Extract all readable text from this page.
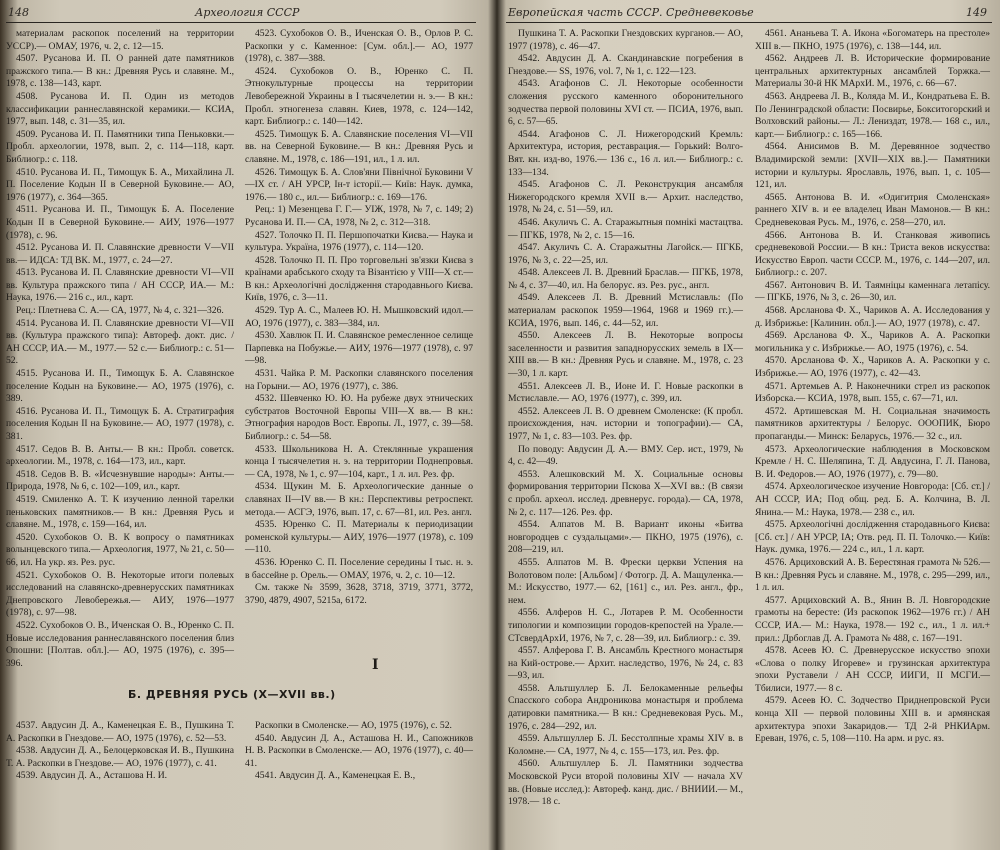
148	Археология СССР

материалам раскопок поселений на территории УССР).— ОМАУ, 1976, ч. 2, с. 12—15.

4507. Русанова И. П. О ранней дате памятников пражского типа.— В кн.: Древняя Русь и славяне. М., 1978, с. 138—143, карт.

4508. Русанова И. П. Один из методов классификации раннеславянской керамики.— КСИА, 1977, вып. 148, с. 31—35, ил.

4509. Русанова И. П. Памятники типа Пеньковки.— Пробл. археологии, 1978, вып. 2, с. 114—118, карт. Библиогр.: с. 118.

4510. Русанова И. П., Тимощук Б. А., Михайлина Л. П. Поселение Кодын II в Северной Буковине.— АО, 1976 (1977), с. 364—365.

4511. Русанова И. П., Тимощук Б. А. Поселение Кодын II в Северной Буковине.— АИУ, 1976—1977 (1978), с. 96.

4512. Русанова И. П. Славянские древности V—VII вв.— ИДСА: ТД ВК. М., 1977, с. 24—27.

4513. Русанова И. П. Славянские древности VI—VII вв. Культура пражского типа / АН СССР, ИА.— М.: Наука, 1976.— 216 с., ил., карт.

Рец.: Плетнева С. А.— СА, 1977, № 4, с. 321—326.

4514. Русанова И. П. Славянские древности VI—VII вв. (Культура пражского типа): Автореф. докт. дис. / АН СССР, ИА.— М., 1977.— 52 с.— Библиогр.: с. 51—52.

4515. Русанова И. П., Тимощук Б. А. Славянское поселение Кодын на Буковине.— АО, 1975 (1976), с. 389.

4516. Русанова И. П., Тимощук Б. А. Стратиграфия поселения Кодын II на Буковине.— АО, 1977 (1978), с. 381.

4517. Седов В. В. Анты.— В кн.: Пробл. советск. археологии. М., 1978, с. 164—173, ил., карт.

4518. Седов В. В. «Исчезнувшие народы»: Анты.— Природа, 1978, № 6, с. 102—109, ил., карт.

4519. Смиленко А. Т. К изучению ленной тарелки пеньковских памятников.— В кн.: Древняя Русь и славяне. М., 1978, с. 159—164, ил.

4520. Сухобоков О. В. К вопросу о памятниках волынцевского типа.— Археология, 1977, № 21, с. 50—66, ил. На укр. яз. Рез. рус.

4521. Сухобоков О. В. Некоторые итоги полевых исследований на славянско-древнерусских памятниках Днепровского Левобережья.— АИУ, 1976—1977 (1978), с. 97—98.

4522. Сухобоков О. В., Иченская О. В., Юренко С. П. Новые исследования раннеславянского поселения близ Опошни: [Полтав. обл.].— АО, 1975 (1976), с. 395—396.

4523. Сухобоков О. В., Иченская О. В., Орлов Р. С. Раскопки у с. Каменное: [Сум. обл.].— АО, 1977 (1978), с. 387—388.

4524. Сухобоков О. В., Юренко С. П. Этнокультурные процессы на территории Левобережной Украины в I тысячелетии н. э.— В кн.: Пробл. этногенеза славян. Киев, 1978, с. 124—142, карт. Библиогр.: с. 140—142.

4525. Тимощук Б. А. Славянские поселения VI—VII вв. на Северной Буковине.— В кн.: Древняя Русь и славяне. М., 1978, с. 186—191, ил., 1 л. ил.

4526. Тимощук Б. А. Слов'яни Пiвнiчної Буковини V—IX ст. / АН УРСР, Iн-т iсторiї.— Київ: Наук. думка, 1976.— 180 с., ил.— Библиогр.: с. 169—176.

Рец.: 1) Мезенцева Г. Г.— УIЖ, 1978, № 7, с. 149; 2) Русанова И. П.— СА, 1978, № 2, с. 312—318.

4527. Толочко П. П. Першопочатки Києва.— Наука и культура. Украïна, 1976 (1977), с. 114—120.

4528. Толочко П. П. Про торговельні зв'язки Києва з країнами арабського сходу та Візантією у VIII—X ст.— В кн.: Археологiчнi дослiдження стародавнього Києва. Київ, 1976, с. 3—11.

4529. Тур А. С., Малеев Ю. Н. Мышковский идол.— АО, 1976 (1977), с. 383—384, ил.

4530. Хавлюк П. И. Славянское ремесленное селище Парпевка на Побужье.— АИУ, 1976—1977 (1978), с. 97—98.

4531. Чайка Р. М. Раскопки славянского поселения на Горыни.— АО, 1976 (1977), с. 386.

4532. Шевченко Ю. Ю. На рубеже двух этнических субстратов Восточной Европы VIII—X вв.— В кн.: Этнография народов Вост. Европы. Л., 1977, с. 39—58. Библиогр.: с. 54—58.

4533. Школьникова Н. А. Стеклянные украшения конца I тысячелетия н. э. на территории Поднепровья.— СА, 1978, № 1, с. 97—104, карт., 1 л. ил. Рез. фр.

4534. Щукин М. Б. Археологические данные о славянах II—IV вв.— В кн.: Перспективы ретроспект. метода.— АСГЭ, 1976, вып. 17, с. 67—81, ил. Рез. англ.

4535. Юренко С. П. Материалы к периодизации роменской культуры.— АИУ, 1976—1977 (1978), с. 109—110.

4536. Юренко С. П. Поселение середины I тыс. н. э. в бассейне р. Орель.— ОМАУ, 1976, ч. 2, с. 10—12.

См. также № 3599, 3628, 3718, 3719, 3771, 3772, 3790, 4879, 4907, 5215а, 6172.

I
Б. ДРЕВНЯЯ РУСЬ (X—XVII вв.)

4537. Авдусин Д. А., Каменецкая Е. В., Пушкина Т. А. Раскопки в Гнездове.— АО, 1975 (1976), с. 52—53.

4538. Авдусин Д. А., Белоцерковская И. В., Пушкина Т. А. Раскопки в Гнездове.— АО, 1976 (1977), с. 41.

4539. Авдусин Д. А., Асташова Н. И.

Раскопки в Смоленске.— АО, 1975 (1976), с. 52.

4540. Авдусин Д. А., Асташова Н. И., Сапожников Н. В. Раскопки в Смоленске.— АО, 1976 (1977), с. 40—41.

4541. Авдусин Д. А., Каменецкая Е. В.,

Европейская часть СССР. Средневековье	149

Пушкина Т. А. Раскопки Гнездовских курганов.— АО, 1977 (1978), с. 46—47.

4542. Авдусин Д. А. Скандинавские погребения в Гнездове.— SS, 1976, vol. 7, № 1, с. 122—123.

4543. Агафонов С. Л. Некоторые особенности сложения русского каменного оборонительного зодчества первой половины XVI ст. — ПСИА, 1976, вып. 6, с. 57—65.

4544. Агафонов С. Л. Нижегородский Кремль: Архитектура, история, реставрация.— Горький: Волго-Вят. кн. изд-во, 1976.— 136 с., 16 л. ил.— Библиогр.: с. 133—134.

4545. Агафонов С. Л. Реконструкция ансамбля Нижегородского кремля XVII в.— Архит. наследство, 1978, № 24, с. 51—59, ил.

4546. Акуличъ С. А. Старажытныя помнiкi мастацтва.— ПГКБ, 1978, № 2, с. 15—16.

4547. Акуличъ С. А. Старажытны Лагойск.— ПГКБ, 1976, № 3, с. 22—25, ил.

4548. Алексеев Л. В. Древний Браслав.— ПГКБ, 1978, № 4, с. 37—40, ил. На белорус. яз. Рез. рус., англ.

4549. Алексеев Л. В. Древний Мстиславль: (По материалам раскопок 1959—1964, 1968 и 1969 гг.).— КСИА, 1976, вып. 146, с. 44—52, ил.

4550. Алексеев Л. В. Некоторые вопросы заселенности и развития западнорусских земель в IX—XIII вв.— В кн.: Древняя Русь и славяне. М., 1978, с. 23—30, 1 л. карт.

4551. Алексеев Л. В., Ионе И. Г. Новые раскопки в Мстиславле.— АО, 1976 (1977), с. 399, ил.

4552. Алексеев Л. В. О древнем Смоленске: (К пробл. происхождения, нач. истории и топографии).— СА, 1977, № 1, с. 83—103. Рез. фр.

По поводу: Авдусин Д. А.— ВМУ. Сер. ист., 1979, № 4, с. 42—49.

4553. Алешковский М. Х. Социальные основы формирования территории Пскова X—XVI вв.: (В связи с пробл. археол. исслед. древнерус. города).— СА, 1978, № 2, с. 117—126. Рез. фр.

4554. Алпатов М. В. Вариант иконы «Битва новгородцев с суздальцами».— ПКНО, 1975 (1976), с. 208—219, ил.

4555. Алпатов М. В. Фрески церкви Успения на Волотовом поле: [Альбом] / Фотогр. Д. А. Мащуленка.— М.: Искусство, 1977.— 62, [161] с., ил. Рез. англ., фр., нем.

4556. Алферов Н. С., Лотарев Р. М. Особенности типологии и композиции городов-крепостей на Урале.— СТсвердАрхИ, 1976, № 7, с. 28—39, ил. Библиогр.: с. 39.

4557. Алферова Г. В. Ансамбль Крестного монастыря на Кий-острове.— Архит. наследство, 1976, № 24, с. 83—93, ил.

4558. Альтшуллер Б. Л. Белокаменные рельефы Спасского собора Андроникова монастыря и проблема датировки памятника.— В кн.: Средневековая Русь. М., 1976, с. 284—292, ил.

4559. Альтшуллер Б. Л. Бесстолпные храмы XIV в. в Коломне.— СА, 1977, № 4, с. 155—173, ил. Рез. фр.

4560. Альтшуллер Б. Л. Памятники зодчества Московской Руси второй половины XIV — начала XV вв. (Новые исслед.): Автореф. канд. дис. / ВНИИИ.— М., 1978.— 18 с.

4561. Ананьева Т. А. Икона «Богоматерь на престоле» XIII в.— ПКНО, 1975 (1976), с. 138—144, ил.

4562. Андреев Л. В. Исторические формирование центральных архитектурных ансамблей Торжка.— Материалы 30-й НК МАрхИ. М., 1976, с. 66—67.

4563. Андреева Л. В., Коляда М. И., Кондратьева Е. В. По Ленинградской области: Посвирье, Бокситогорский и Волховский районы.— Л.: Лениздат, 1978.— 168 с., ил., карт.— Библиогр.: с. 165—166.

4564. Анисимов В. М. Деревянное зодчество Владимирской земли: [XVII—XIX вв.].— Памятники истории и культуры. Ярославль, 1976, вып. 1, с. 105—121, ил.

4565. Антонова В. И. «Одигитрия Смоленская» раннего XIV в. и ее владелец Иван Мамонов.— В кн.: Средневековая Русь. М., 1976, с. 258—270, ил.

4566. Антонова В. И. Станковая живопись средневековой России.— В кн.: Триста веков искусства: Искусство Европ. части СССР. М., 1976, с. 144—207, ил. Библиогр.: с. 207.

4567. Антонович В. И. Таямнiцы каменнага летапiсу.— ПГКБ, 1976, № 3, с. 26—30, ил.

4568. Арсланова Ф. Х., Чариков А. А. Исследования у д. Избрижье: [Калинин. обл.].— АО, 1977 (1978), с. 47.

4569. Арсланова Ф. Х., Чариков А. А. Раскопки могильника у с. Избрижье.— АО, 1975 (1976), с. 54.

4570. Арсланова Ф. Х., Чариков А. А. Раскопки у с. Избрижье.— АО, 1976 (1977), с. 42—43.

4571. Артемьев А. Р. Наконечники стрел из раскопок Изборска.— КСИА, 1978, вып. 155, с. 67—71, ил.

4572. Артишевская М. Н. Социальная значимость памятников архитектуры / Белорус. ОООПИК, Бюро пропаганды.— Минск: Беларусь, 1976.— 32 с., ил.

4573. Археологические наблюдения в Московском Кремле / Н. С. Шеляпина, Т. Д. Авдусина, Г. Л. Панова, В. И. Федоров.— АО, 1976 (1977), с. 79—80.

4574. Археологическое изучение Новгорода: [Сб. ст.] / АН СССР, ИА; Под общ. ред. Б. А. Колчина, В. Л. Янина.— М.: Наука, 1978.— 238 с., ил.

4575. Археологiчнi дослiдження стародавнього Києва: [Сб. ст.] / АН УРСР, IА; Отв. ред. П. П. Толочко.— Київ: Наук. думка, 1976.— 224 с., ил., 1 л. карт.

4576. Арциховский А. В. Берестяная грамота № 526.— В кн.: Древняя Русь и славяне. М., 1978, с. 295—299, ил., 1 л. ил.

4577. Арциховский А. В., Янин В. Л. Новгородские грамоты на бересте: (Из раскопок 1962—1976 гг.) / АН СССР, ИА.— М.: Наука, 1978.— 192 с., ил., 1 л. ил.+ прил.: Дрбоглав Д. А. Грамота № 488, с. 167—191.

4578. Асеев Ю. С. Древнерусское искусство эпохи «Слова о полку Игореве» и грузинская архитектура эпохи Руставели / АН СССР, ИИГИ, II МСГИ.— Тбилиси, 1977.— 8 с.

4579. Асеев Ю. С. Зодчество Приднепровской Руси конца XII — первой половины XIII в. и армянская архитектура эпохи Закаридов.— ТД 2-й РНКИАрм. Ереван, 1976, с. 5, 108—110. На арм. и рус. яз.
